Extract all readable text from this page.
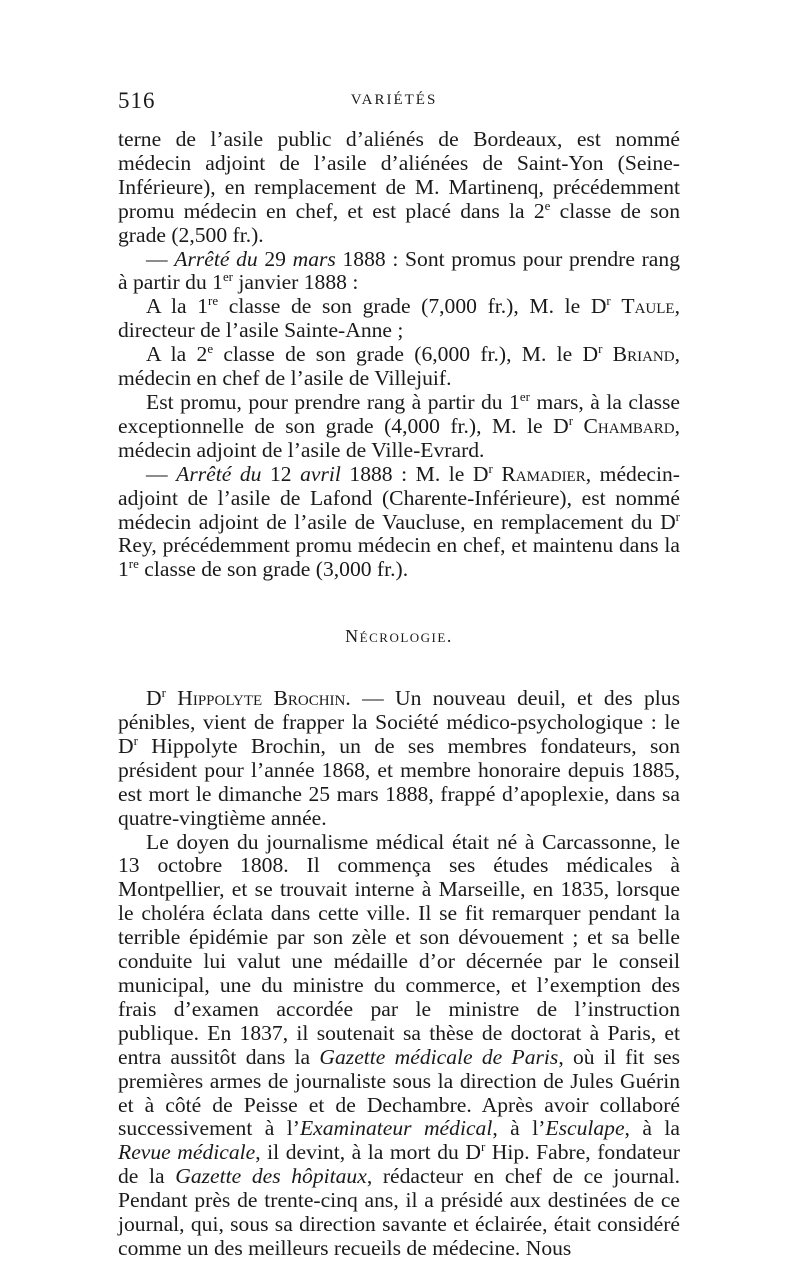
516	VARIÉTÉS

terne de l’asile public d’aliénés de Bordeaux, est nommé médecin adjoint de l’asile d’aliénées de Saint-Yon (Seine-Inférieure), en remplacement de M. Martinenq, précédemment promu médecin en chef, et est placé dans la 2e classe de son grade (2,500 fr.).

— Arrêté du 29 mars 1888 : Sont promus pour prendre rang à partir du 1er janvier 1888 :

A la 1re classe de son grade (7,000 fr.), M. le $D^r$ Taule, directeur de l’asile Sainte-Anne ;

A la 2e classe de son grade (6,000 fr.), M. le $D^r$ Briand, médecin en chef de l’asile de Villejuif.

Est promu, pour prendre rang à partir du 1er mars, à la classe exceptionnelle de son grade (4,000 fr.), M. le $D^r$ Chambard, médecin adjoint de l’asile de Ville-Evrard.

— Arrêté du 12 avril 1888 : M. le $D^r$ Ramadier, médecin-adjoint de l’asile de Lafond (Charente-Inférieure), est nommé médecin adjoint de l’asile de Vaucluse, en remplacement du $D^r$ Rey, précédemment promu médecin en chef, et maintenu dans la 1re classe de son grade (3,000 fr.).

Nécrologie.

$D^r$ Hippolyte Brochin. — Un nouveau deuil, et des plus pénibles, vient de frapper la Société médico-psychologique : le $D^r$ Hippolyte Brochin, un de ses membres fondateurs, son président pour l’année 1868, et membre honoraire depuis 1885, est mort le dimanche 25 mars 1888, frappé d’apoplexie, dans sa quatre-vingtième année.

Le doyen du journalisme médical était né à Carcassonne, le 13 octobre 1808. Il commença ses études médicales à Montpellier, et se trouvait interne à Marseille, en 1835, lorsque le choléra éclata dans cette ville. Il se fit remarquer pendant la terrible épidémie par son zèle et son dévouement ; et sa belle conduite lui valut une médaille d’or décernée par le conseil municipal, une du ministre du commerce, et l’exemption des frais d’examen accordée par le ministre de l’instruction publique. En 1837, il soutenait sa thèse de doctorat à Paris, et entra aussitôt dans la Gazette médicale de Paris, où il fit ses premières armes de journaliste sous la direction de Jules Guérin et à côté de Peisse et de Dechambre. Après avoir collaboré successivement à l’Examinateur médical, à l’Esculape, à la Revue médicale, il devint, à la mort du $D^r$ Hip. Fabre, fondateur de la Gazette des hôpitaux, rédacteur en chef de ce journal. Pendant près de trente-cinq ans, il a présidé aux destinées de ce journal, qui, sous sa direction savante et éclairée, était considéré comme un des meilleurs recueils de médecine. Nous
